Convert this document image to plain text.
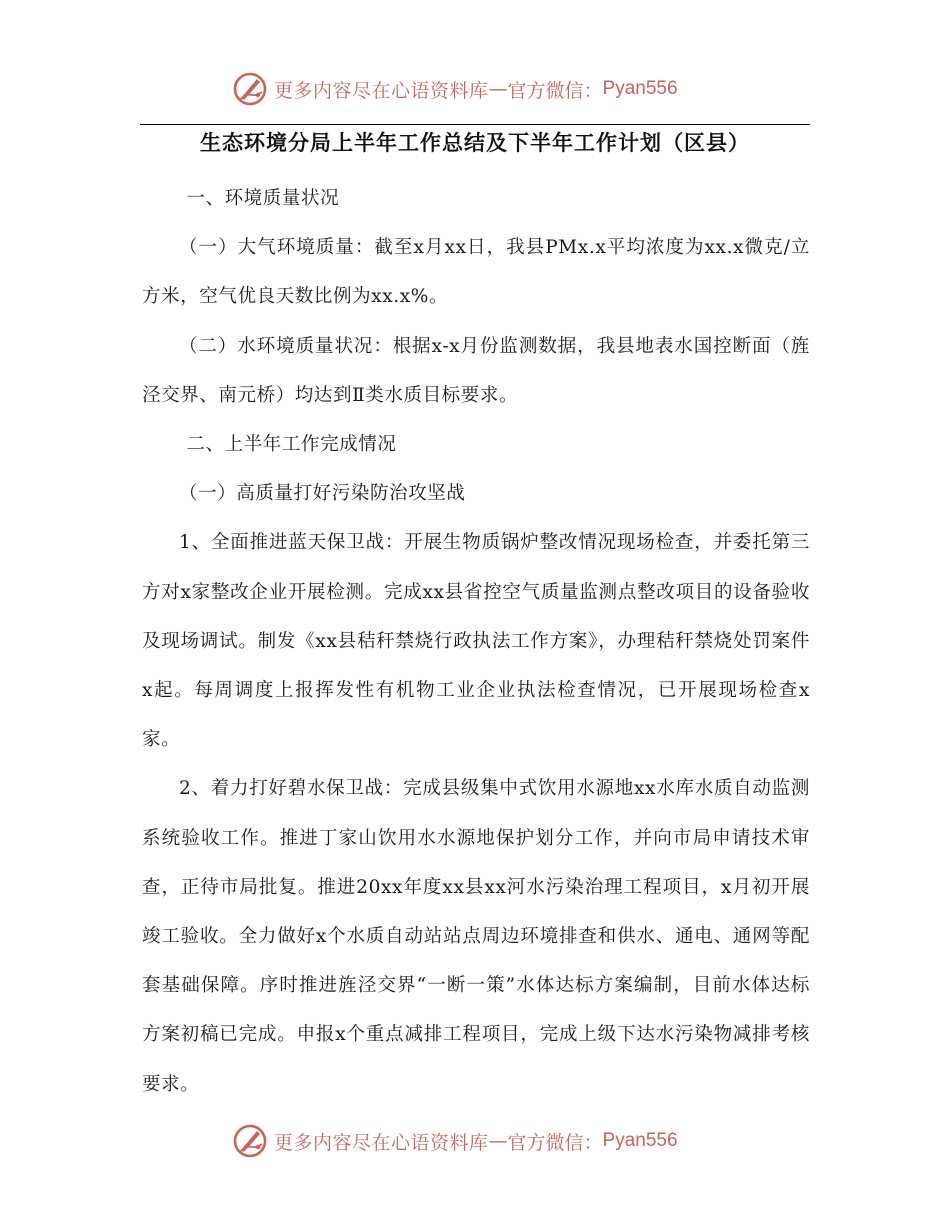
更多内容尽在心语资料库 — 官方微信： Pyan556
生态环境分局上半年工作总结及下半年工作计划（区县）

一、环境质量状况

（一）大气环境质量：截至x月xx日，我县PMx.x平均浓度为xx.x微克/立方米，空气优良天数比例为xx.x%。

（二）水环境质量状况：根据x-x月份监测数据，我县地表水国控断面（旌泾交界、南元桥）均达到Ⅱ类水质目标要求。

二、上半年工作完成情况

（一）高质量打好污染防治攻坚战

1、全面推进蓝天保卫战：开展生物质锅炉整改情况现场检查，并委托第三方对x家整改企业开展检测。完成xx县省控空气质量监测点整改项目的设备验收及现场调试。制发《xx县秸秆禁烧行政执法工作方案》，办理秸秆禁烧处罚案件x起。每周调度上报挥发性有机物工业企业执法检查情况，已开展现场检查x家。

2、着力打好碧水保卫战：完成县级集中式饮用水源地xx水库水质自动监测系统验收工作。推进丁家山饮用水水源地保护划分工作，并向市局申请技术审查，正待市局批复。推进20xx年度xx县xx河水污染治理工程项目，x月初开展竣工验收。全力做好x个水质自动站站点周边环境排查和供水、通电、通网等配套基础保障。序时推进旌泾交界“一断一策”水体达标方案编制，目前水体达标方案初稿已完成。申报x个重点减排工程项目，完成上级下达水污染物减排考核要求。

更多内容尽在心语资料库 — 官方微信： Pyan556
